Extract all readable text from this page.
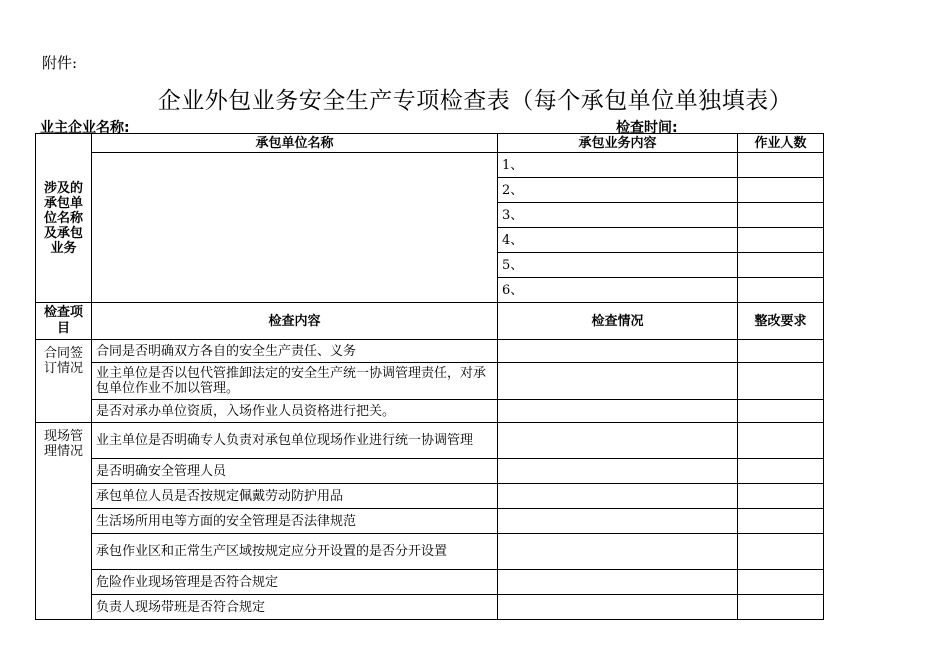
附件:
企业外包业务安全生产专项检查表（每个承包单位单独填表）
业主企业名称:	检查时间:
涉及的承包单位名称及承包业务	承包单位名称	承包业务内容	作业人数
		1、	
		2、	
		3、	
		4、	
		5、	
		6、	
检查项目	检查内容	检查情况	整改要求
合同签订情况	合同是否明确双方各自的安全生产责任、义务		
	业主单位是否以包代管推卸法定的安全生产统一协调管理责任，对承包单位作业不加以管理。		
	是否对承办单位资质，入场作业人员资格进行把关。		
现场管理情况	业主单位是否明确专人负责对承包单位现场作业进行统一协调管理		
	是否明确安全管理人员		
	承包单位人员是否按规定佩戴劳动防护用品		
	生活场所用电等方面的安全管理是否法律规范		
	承包作业区和正常生产区域按规定应分开设置的是否分开设置		
	危险作业现场管理是否符合规定		
	负责人现场带班是否符合规定		
